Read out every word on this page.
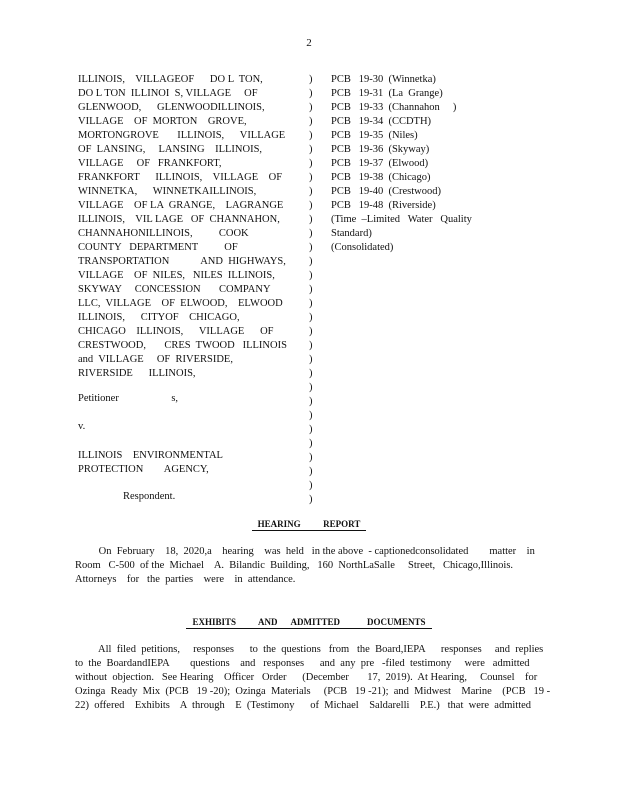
2
ILLINOIS,    VILLAGEOF      DO L  TON,
DO L TON  ILLINOI  S, VILLAGE     OF
GLENWOOD,      GLENWOODILLINOIS,
VILLAGE    OF  MORTON    GROVE,
MORTONGROVE       ILLINOIS,      VILLAGE
OF  LANSING,     LANSING    ILLINOIS,
VILLAGE     OF   FRANKFORT,
FRANKFORT      ILLINOIS,    VILLAGE    OF
WINNETKA,      WINNETKAILLINOIS,
VILLAGE    OF LA  GRANGE,    LAGRANGE
ILLINOIS,    VIL LAGE   OF  CHANNAHON,
CHANNAHONILLINOIS,          COOK
COUNTY   DEPARTMENT          OF
TRANSPORTATION            AND  HIGHWAYS,
VILLAGE    OF  NILES,   NILES  ILLINOIS,
SKYWAY     CONCESSION       COMPANY
LLC,  VILLAGE    OF  ELWOOD,    ELWOOD
ILLINOIS,      CITYOF    CHICAGO,
CHICAGO    ILLINOIS,      VILLAGE      OF
CRESTWOOD,       CRES  TWOOD   ILLINOIS
and  VILLAGE     OF  RIVERSIDE,
RIVERSIDE      ILLINOIS,
)
)
)
)
)
)
)
)
)
)
)
)
)
)
)
)
)
)
)
)
)
)
)
)
)
)
)
)
)
)
)
PCB   19-30  (Winnetka)
PCB   19-31  (La  Grange)
PCB   19-33  (Channahon     )
PCB   19-34  (CCDTH)
PCB   19-35  (Niles)
PCB   19-36  (Skyway)
PCB   19-37  (Elwood)
PCB   19-38  (Chicago)
PCB   19-40  (Crestwood)
PCB   19-48  (Riverside)
(Time  –Limited   Water   Quality
Standard)
(Consolidated)
Petitioner                    s,
v.
ILLINOIS    ENVIRONMENTAL
PROTECTION        AGENCY,
Respondent.
HEARING          REPORT
On  February    18,  2020,a    hearing    was  held   in the above  - captionedconsolidated        matter    in
Room   C-500  of the  Michael    A.  Bilandic  Building,   160  NorthLaSalle     Street,   Chicago,Illinois.
Attorneys    for   the  parties    were    in  attendance.
EXHIBITS          AND      ADMITTED            DOCUMENTS
All  filed  petitions,     responses      to  the  questions   from   the  Board,IEPA      responses     and  replies
to  the  BoardandIEPA        questions    and   responses      and  any  pre   -filed  testimony     were   admitted
without  objection.   See Hearing    Officer   Order      (December       17,  2019).  At Hearing,     Counsel    for
Ozinga  Ready  Mix  (PCB   19 -20);  Ozinga  Materials     (PCB   19 -21);  and  Midwest    Marine    (PCB   19 -
22)  offered    Exhibits    A  through    E  (Testimony      of  Michael    Saldarelli    P.E.)   that  were  admitted
